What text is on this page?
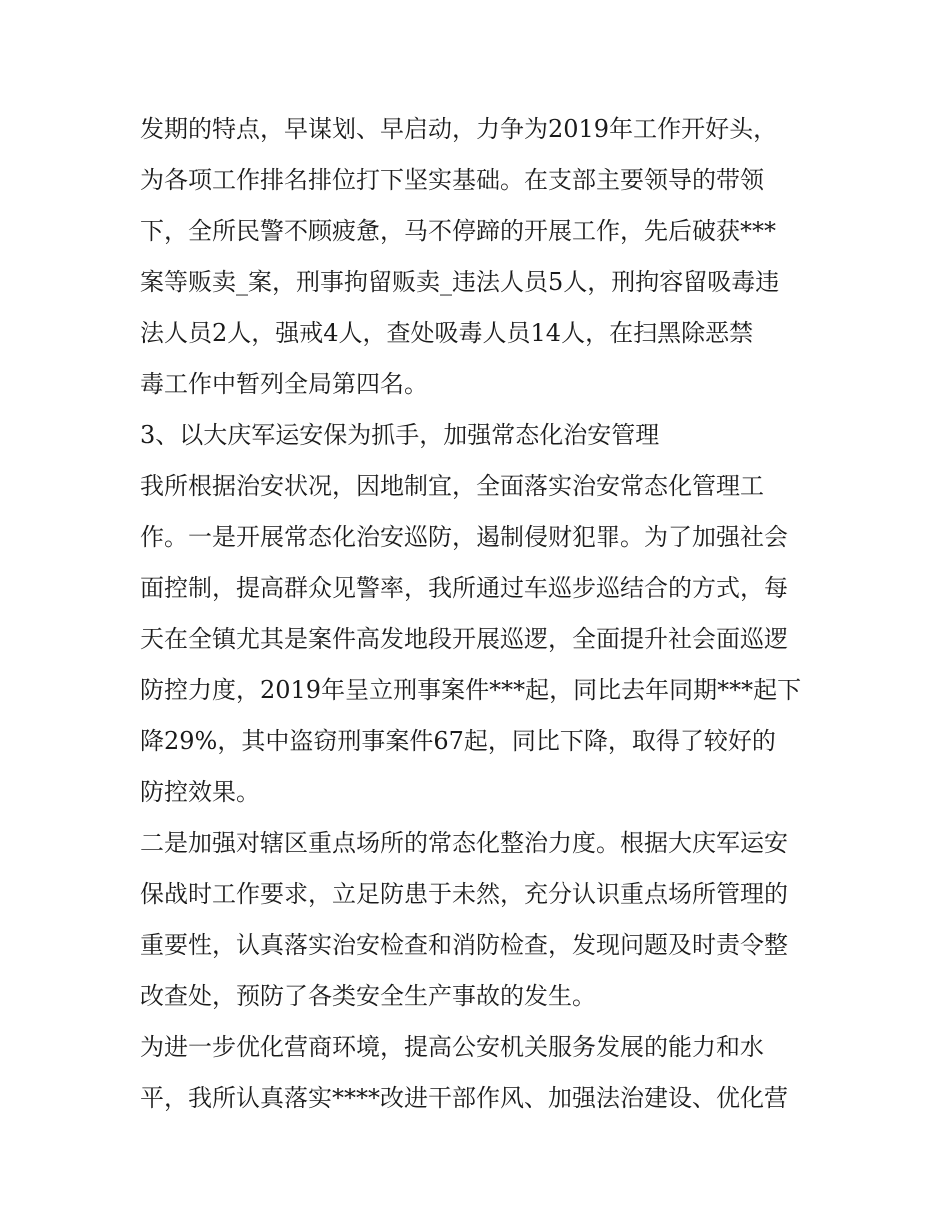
发期的特点，早谋划、早启动，力争为2019年工作开好头，
为各项工作排名排位打下坚实基础。在支部主要领导的带领
下，全所民警不顾疲惫，马不停蹄的开展工作，先后破获***
案等贩卖_案，刑事拘留贩卖_违法人员5人，刑拘容留吸毒违
法人员2人，强戒4人，查处吸毒人员14人，在扫黑除恶禁
毒工作中暂列全局第四名。
3、以大庆军运安保为抓手，加强常态化治安管理
我所根据治安状况，因地制宜，全面落实治安常态化管理工
作。一是开展常态化治安巡防，遏制侵财犯罪。为了加强社会
面控制，提高群众见警率，我所通过车巡步巡结合的方式，每
天在全镇尤其是案件高发地段开展巡逻，全面提升社会面巡逻
防控力度，2019年呈立刑事案件***起，同比去年同期***起下
降29%，其中盗窃刑事案件67起，同比下降，取得了较好的
防控效果。
二是加强对辖区重点场所的常态化整治力度。根据大庆军运安
保战时工作要求，立足防患于未然，充分认识重点场所管理的
重要性，认真落实治安检查和消防检查，发现问题及时责令整
改查处，预防了各类安全生产事故的发生。
为进一步优化营商环境，提高公安机关服务发展的能力和水
平，我所认真落实****改进干部作风、加强法治建设、优化营
